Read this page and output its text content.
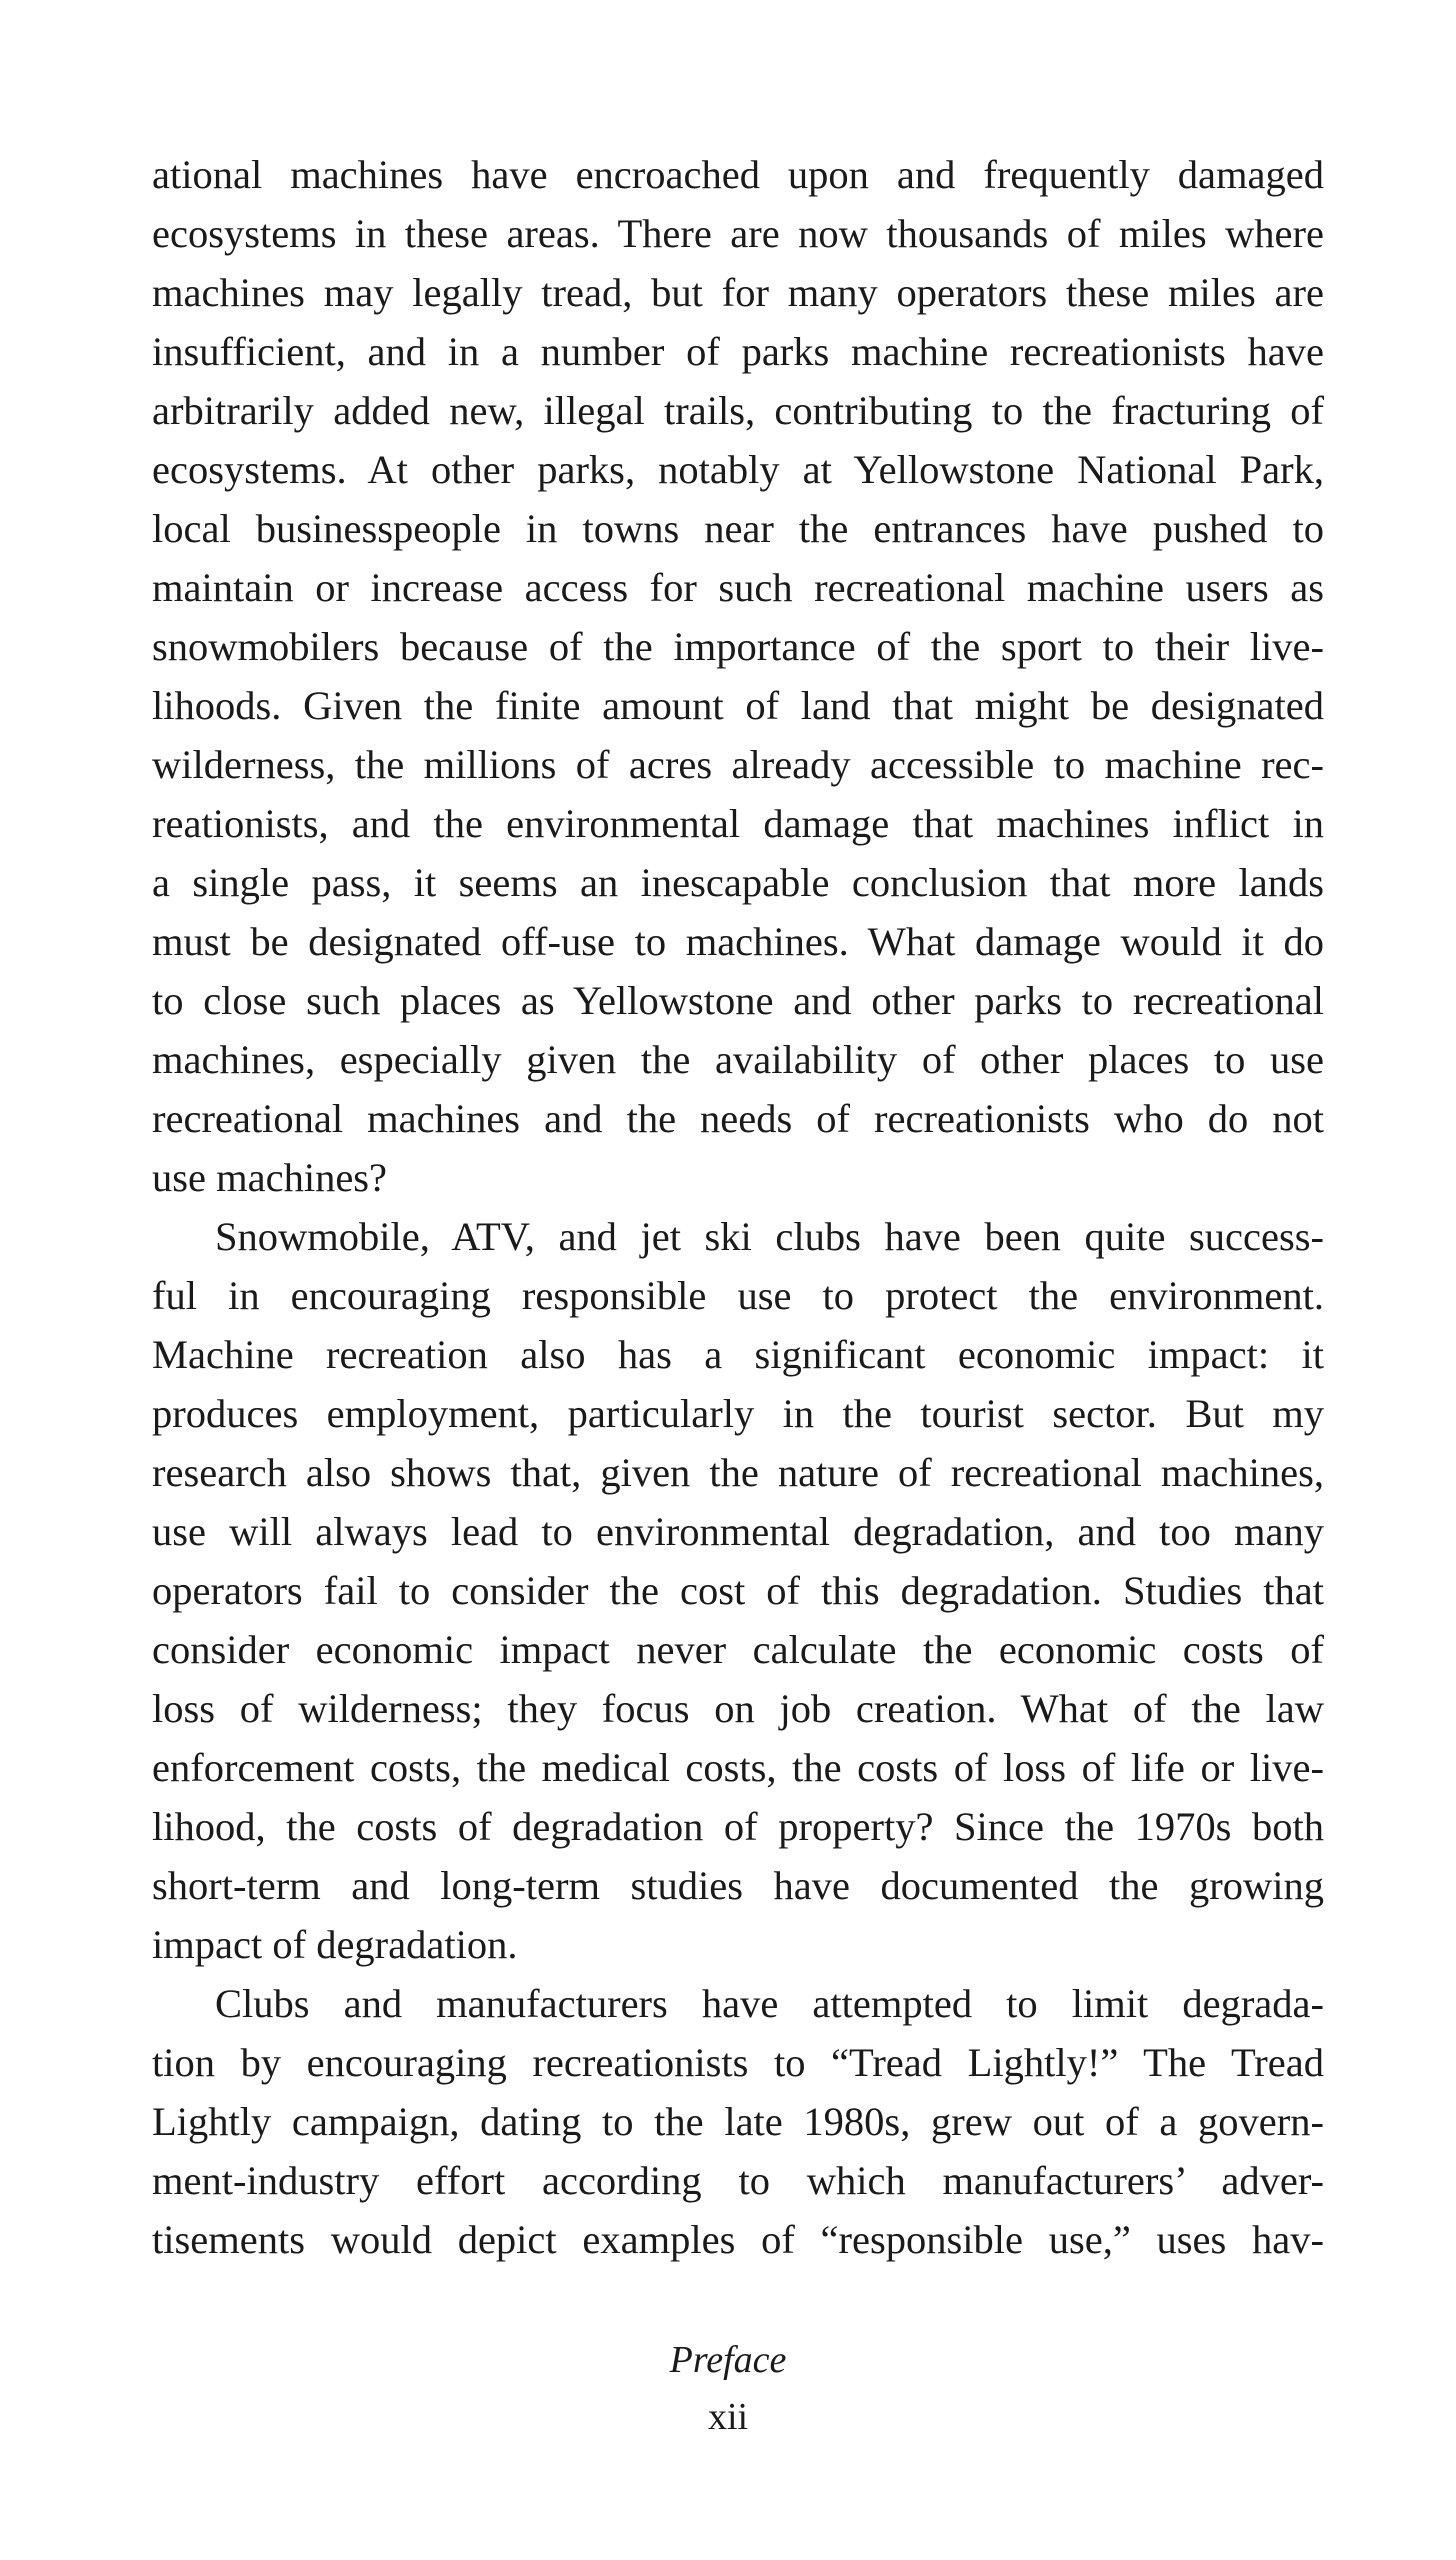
ational machines have encroached upon and frequently damaged
ecosystems in these areas. There are now thousands of miles where
machines may legally tread, but for many operators these miles are
insufficient, and in a number of parks machine recreationists have
arbitrarily added new, illegal trails, contributing to the fracturing of
ecosystems. At other parks, notably at Yellowstone National Park,
local businesspeople in towns near the entrances have pushed to
maintain or increase access for such recreational machine users as
snowmobilers because of the importance of the sport to their live-
lihoods. Given the finite amount of land that might be designated
wilderness, the millions of acres already accessible to machine rec-
reationists, and the environmental damage that machines inflict in
a single pass, it seems an inescapable conclusion that more lands
must be designated off-use to machines. What damage would it do
to close such places as Yellowstone and other parks to recreational
machines, especially given the availability of other places to use
recreational machines and the needs of recreationists who do not
use machines?
Snowmobile, ATV, and jet ski clubs have been quite success-
ful in encouraging responsible use to protect the environment.
Machine recreation also has a significant economic impact: it
produces employment, particularly in the tourist sector. But my
research also shows that, given the nature of recreational machines,
use will always lead to environmental degradation, and too many
operators fail to consider the cost of this degradation. Studies that
consider economic impact never calculate the economic costs of
loss of wilderness; they focus on job creation. What of the law
enforcement costs, the medical costs, the costs of loss of life or live-
lihood, the costs of degradation of property? Since the 1970s both
short-term and long-term studies have documented the growing
impact of degradation.
Clubs and manufacturers have attempted to limit degrada-
tion by encouraging recreationists to “Tread Lightly!” The Tread
Lightly campaign, dating to the late 1980s, grew out of a govern-
ment-industry effort according to which manufacturers’ adver-
tisements would depict examples of “responsible use,” uses hav-
Preface
xii
